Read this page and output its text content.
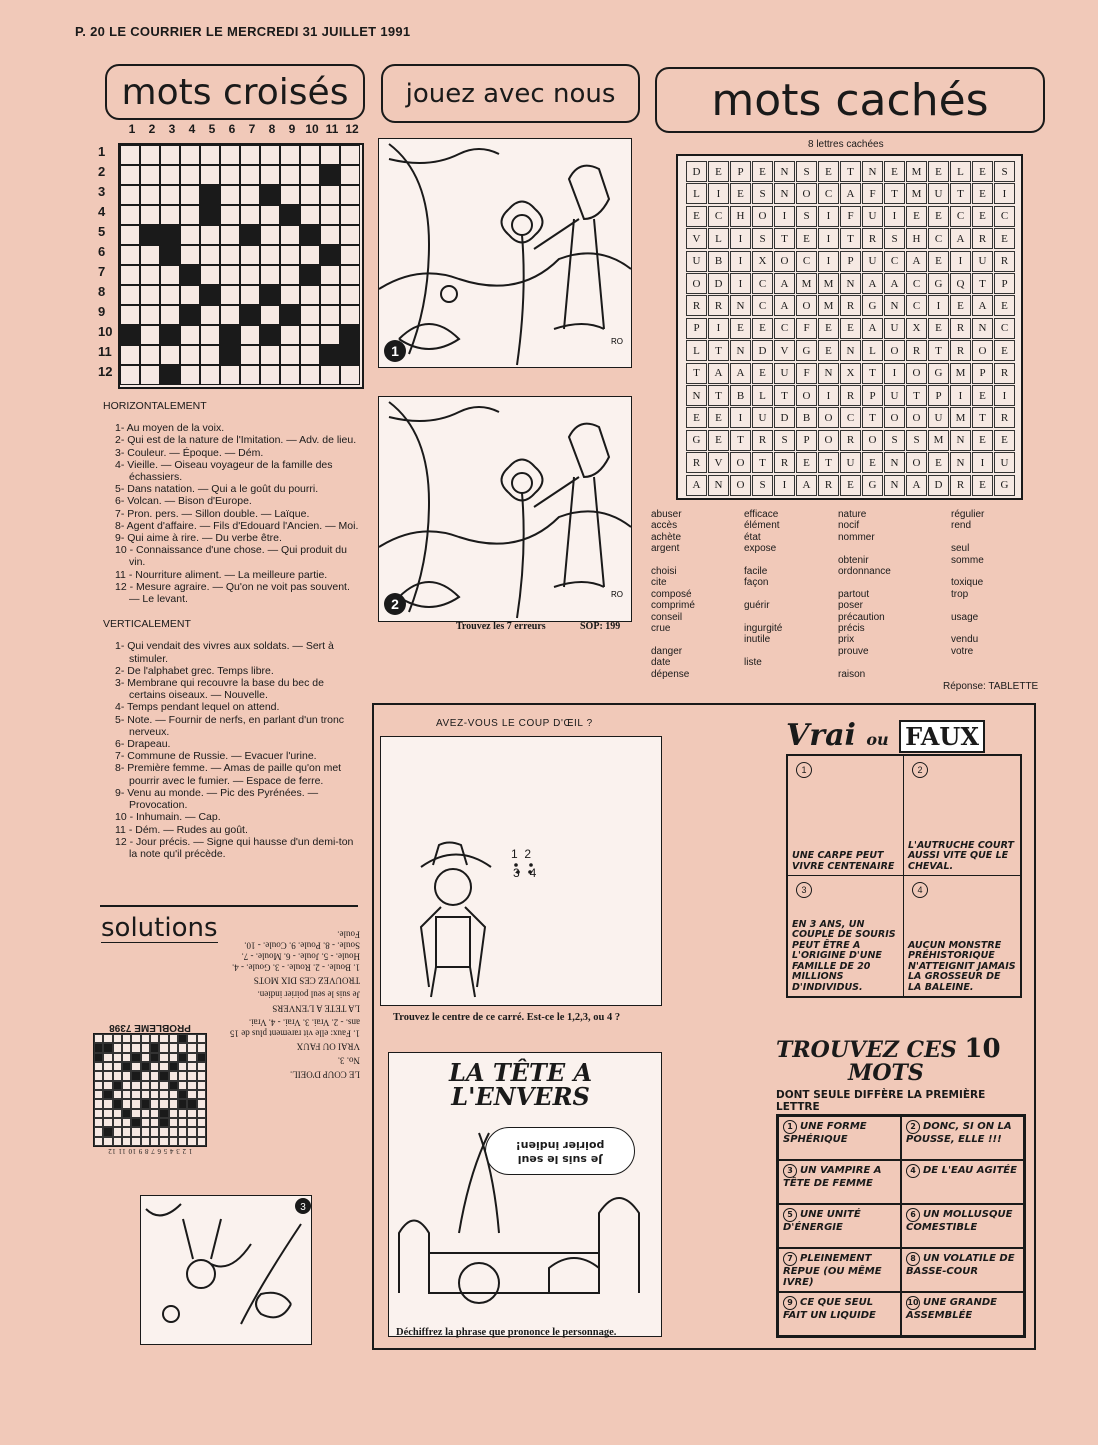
P. 20 LE COURRIER LE MERCREDI 31 JUILLET 1991
mots croisés	jouez avec nous	mots cachés
1	2	3	4	5	6	7	8	9 10 11 12
1
2
3
4
5
6
7
8
9
10
11
12
HORIZONTALEMENT
1- Au moyen de la voix.
2- Qui est de la nature de l'Imitation. — Adv. de lieu.
3- Couleur. — Époque. — Dém.
4- Vieille. — Oiseau voyageur de la famille des échassiers.
5- Dans natation. — Qui a le goût du pourri.
6- Volcan. — Bison d'Europe.
7- Pron. pers. — Sillon double. — Laïque.
8- Agent d'affaire. — Fils d'Edouard l'Ancien. — Moi.
9- Qui aime à rire. — Du verbe être.
10 - Connaissance d'une chose. — Qui produit du vin.
11 - Nourriture aliment. — La meilleure partie.
12 - Mesure agraire. — Qu'on ne voit pas souvent. — Le levant.
VERTICALEMENT
1- Qui vendait des vivres aux soldats. — Sert à stimuler.
2- De l'alphabet grec. Temps libre.
3- Membrane qui recouvre la base du bec de certains oiseaux. — Nouvelle.
4- Temps pendant lequel on attend.
5- Note. — Fournir de nerfs, en parlant d'un tronc nerveux.
6- Drapeau.
7- Commune de Russie. — Evacuer l'urine.
8- Première femme. — Amas de paille qu'on met pourrir avec le fumier. — Espace de ferre.
9- Venu au monde. — Pic des Pyrénées. — Provocation.
10 - Inhumain. — Cap.
11 - Dém. — Rudes au goût.
12 - Jour précis. — Signe qui hausse d'un demi-ton la note qu'il précède.
solutions
LE COUP D'OEIL.
No. 3.
VRAI OU FAUX
1. Faux: elle vit rarement plus de 15 ans. - 2. Vrai. 3. Vrai. - 4. Vrai.
LA TETE A L'ENVERS
Je suis le seul poirier indien.
TROUVEZ CES DIX MOTS
1. Boule. - 2. Roule. - 3. Goule. - 4. Houle. - 5. Joule. - 6. Moule. - 7. Soule. - 8. Poule. 9. Coule. - 10. Foule.
1 2 3 4 5 6 7 8 9 10 11 12
PROBLEME 7398
3
1
RO
2
RO
Trouvez les 7 erreurs	SOP: 199
8 lettres cachées
D	E	P	E	N	S	E	T	N	E	M	E	L	E	S
L	I	E	S	N	O	C	A	F	T	M	U	T	E	I
E	C	H	O	I	S	I	F	U	I	E	E	C	E	C
V	L	I	S	T	E	I	T	R	S	H	C	A	R	E
U	B	I	X	O	C	I	P	U	C	A	E	I	U	R
O	D	I	C	A	M	M	N	A	A	C	G	Q	T	P
R	R	N	C	A	O	M	R	G	N	C	I	E	A	E
P	I	E	E	C	F	E	E	A	U	X	E	R	N	C
L	T	N	D	V	G	E	N	L	O	R	T	R	O	E
T	A	A	E	U	F	N	X	T	I	O	G	M	P	R
N	T	B	L	T	O	I	R	P	U	T	P	I	E	I
E	E	I	U	D	B	O	C	T	O	O	U	M	T	R
G	E	T	R	S	P	O	R	O	S	S	M	N	E	E
R	V	O	T	R	E	T	U	E	N	O	E	N	I	U
A	N	O	S	I	A	R	E	G	N	A	D	R	E	G
abuser
accès
achète
argent

choisi
cite
composé
comprimé
conseil
crue

danger
date
dépense
efficace
élément
état
expose

facile
façon

guérir

ingurgité
inutile

liste
nature
nocif
nommer

obtenir
ordonnance

partout
poser
précaution
précis
prix
prouve

raison
régulier
rend

seul
somme

toxique
trop

usage

vendu
votre
Réponse: TABLETTE
AVEZ-VOUS LE COUP D'ŒIL ?
1  2
3   4
Trouvez le centre de ce carré. Est-ce le 1,2,3, ou 4 ?
LA TÊTE A
L'ENVERS
Je suis le seul
poirier indien!
Déchiffrez la phrase que prononce le personnage.
Vrai ou FAUX
1
UNE CARPE PEUT VIVRE CENTENAIRE
2
L'AUTRUCHE COURT AUSSI VITE QUE LE CHEVAL.
3
EN 3 ANS, UN COUPLE DE SOURIS PEUT ÊTRE A L'ORIGINE D'UNE FAMILLE DE 20 MILLIONS D'INDIVIDUS.
4
AUCUN MONSTRE PRÉHISTORIQUE N'ATTEIGNIT JAMAIS LA GROSSEUR DE LA BALEINE.
TROUVEZ CES 10
MOTS
DONT SEULE DIFFÈRE LA PREMIÈRE LETTRE
1 UNE FORME SPHÉRIQUE
2 DONC, SI ON LA POUSSE, ELLE !!!
3 UN VAMPIRE A TÊTE DE FEMME
4 DE L'EAU AGITÉE
5 UNE UNITÉ D'ÉNERGIE
6 UN MOLLUSQUE COMESTIBLE
7 PLEINEMENT REPUE (OU MÊME IVRE)
8 UN VOLATILE DE BASSE-COUR
9 CE QUE SEUL FAIT UN LIQUIDE
10 UNE GRANDE ASSEMBLÉE
